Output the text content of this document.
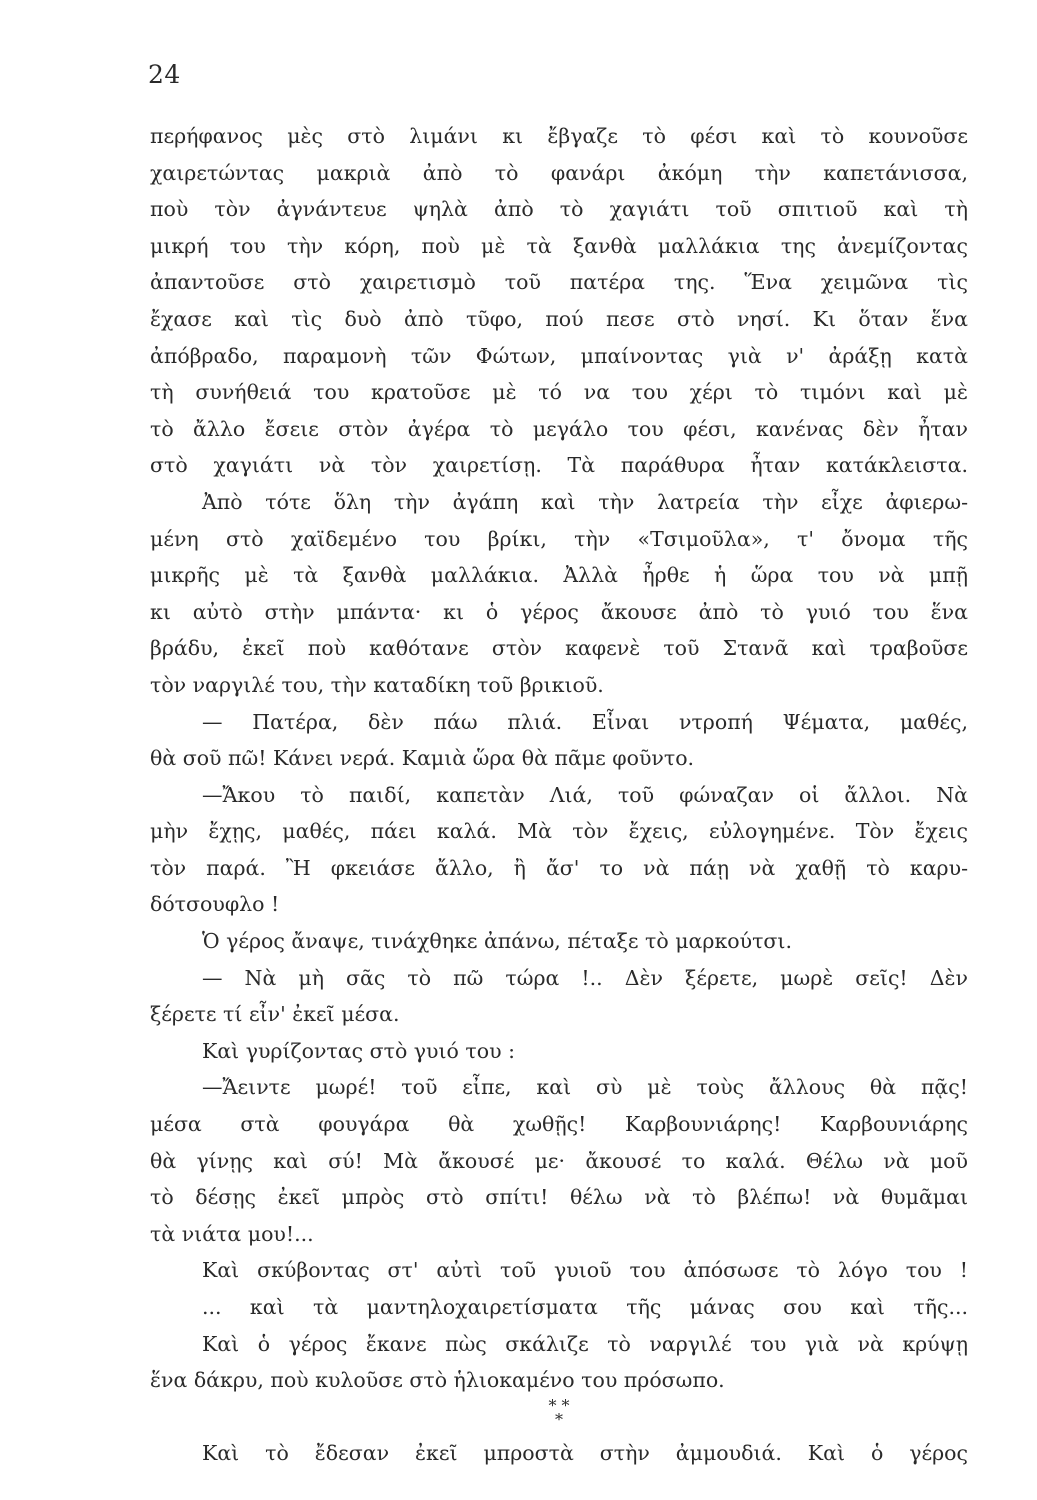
24
περήφανος μὲς στὸ λιμάνι κι ἔβγαζε τὸ φέσι καὶ τὸ κουνοῦσε
χαιρετώντας μακριὰ ἀπὸ τὸ φανάρι ἀκόμη τὴν καπετάνισσα,
ποὺ τὸν ἀγνάντευε ψηλὰ ἀπὸ τὸ χαγιάτι τοῦ σπιτιοῦ καὶ τὴ
μικρή του τὴν κόρη, ποὺ μὲ τὰ ξανθὰ μαλλάκια της ἀνεμίζοντας
ἀπαντοῦσε στὸ χαιρετισμὸ τοῦ πατέρα της. Ἕνα χειμῶνα τὶς
ἔχασε καὶ τὶς δυὸ ἀπὸ τῦφο, πού πεσε στὸ νησί. Κι ὅταν ἕνα
ἀπόβραδο, παραμονὴ τῶν Φώτων, μπαίνοντας γιὰ ν' ἀράξῃ κατὰ
τὴ συνήθειά του κρατοῦσε μὲ τό να του χέρι τὸ τιμόνι καὶ μὲ
τὸ ἄλλο ἔσειε στὸν ἀγέρα τὸ μεγάλο του φέσι, κανένας δὲν ἦταν
στὸ χαγιάτι νὰ τὸν χαιρετίσῃ. Τὰ παράθυρα ἦταν κατάκλειστα.
Ἀπὸ τότε ὅλη τὴν ἀγάπη καὶ τὴν λατρεία τὴν εἶχε ἀφιερω-
μένη στὸ χαϊδεμένο του βρίκι, τὴν «Τσιμοῦλα», τ' ὄνομα τῆς
μικρῆς μὲ τὰ ξανθὰ μαλλάκια. Ἀλλὰ ἦρθε ἡ ὥρα του νὰ μπῇ
κι αὐτὸ στὴν μπάντα· κι ὁ γέρος ἄκουσε ἀπὸ τὸ γυιό του ἕνα
βράδυ, ἐκεῖ ποὺ καθότανε στὸν καφενὲ τοῦ Στανᾶ καὶ τραβοῦσε
τὸν ναργιλέ του, τὴν καταδίκη τοῦ βρικιοῦ.
— Πατέρα, δὲν πάω πλιά. Εἶναι ντροπή Ψέματα, μαθές,
θὰ σοῦ πῶ! Κάνει νερά. Καμιὰ ὥρα θὰ πᾶμε φοῦντο.
—Ἄκου τὸ παιδί, καπετὰν Λιά, τοῦ φώναζαν οἱ ἄλλοι. Νὰ
μὴν ἔχῃς, μαθές, πάει καλά. Μὰ τὸν ἔχεις, εὐλογημένε. Τὸν ἔχεις
τὸν παρά. Ἢ φκειάσε ἄλλο, ἢ ἄσ' το νὰ πάῃ νὰ χαθῇ τὸ καρυ-
δότσουφλο !
Ὁ γέρος ἄναψε, τινάχθηκε ἀπάνω, πέταξε τὸ μαρκούτσι.
— Νὰ μὴ σᾶς τὸ πῶ τώρα !.. Δὲν ξέρετε, μωρὲ σεῖς! Δὲν
ξέρετε τί εἶν' ἐκεῖ μέσα.
Καὶ γυρίζοντας στὸ γυιό του :
—Ἄειντε μωρέ! τοῦ εἶπε, καὶ σὺ μὲ τοὺς ἄλλους θὰ πᾷς!
μέσα στὰ φουγάρα θὰ χωθῇς! Καρβουνιάρης! Καρβουνιάρης
θὰ γίνῃς καὶ σύ! Μὰ ἄκουσέ με· ἄκουσέ το καλά. Θέλω νὰ μοῦ
τὸ δέσῃς ἐκεῖ μπρὸς στὸ σπίτι! θέλω νὰ τὸ βλέπω! νὰ θυμᾶμαι
τὰ νιάτα μου!...
Καὶ σκύβοντας στ' αὐτὶ τοῦ γυιοῦ του ἀπόσωσε τὸ λόγο του !
... καὶ τὰ μαντηλοχαιρετίσματα τῆς μάνας σου καὶ τῆς...
Καὶ ὁ γέρος ἔκανε πὼς σκάλιζε τὸ ναργιλέ του γιὰ νὰ κρύψῃ
ἕνα δάκρυ, ποὺ κυλοῦσε στὸ ἡλιοκαμένο του πρόσωπο.
* *
*
Καὶ τὸ ἔδεσαν ἐκεῖ μπροστὰ στὴν ἀμμουδιά. Καὶ ὁ γέρος
